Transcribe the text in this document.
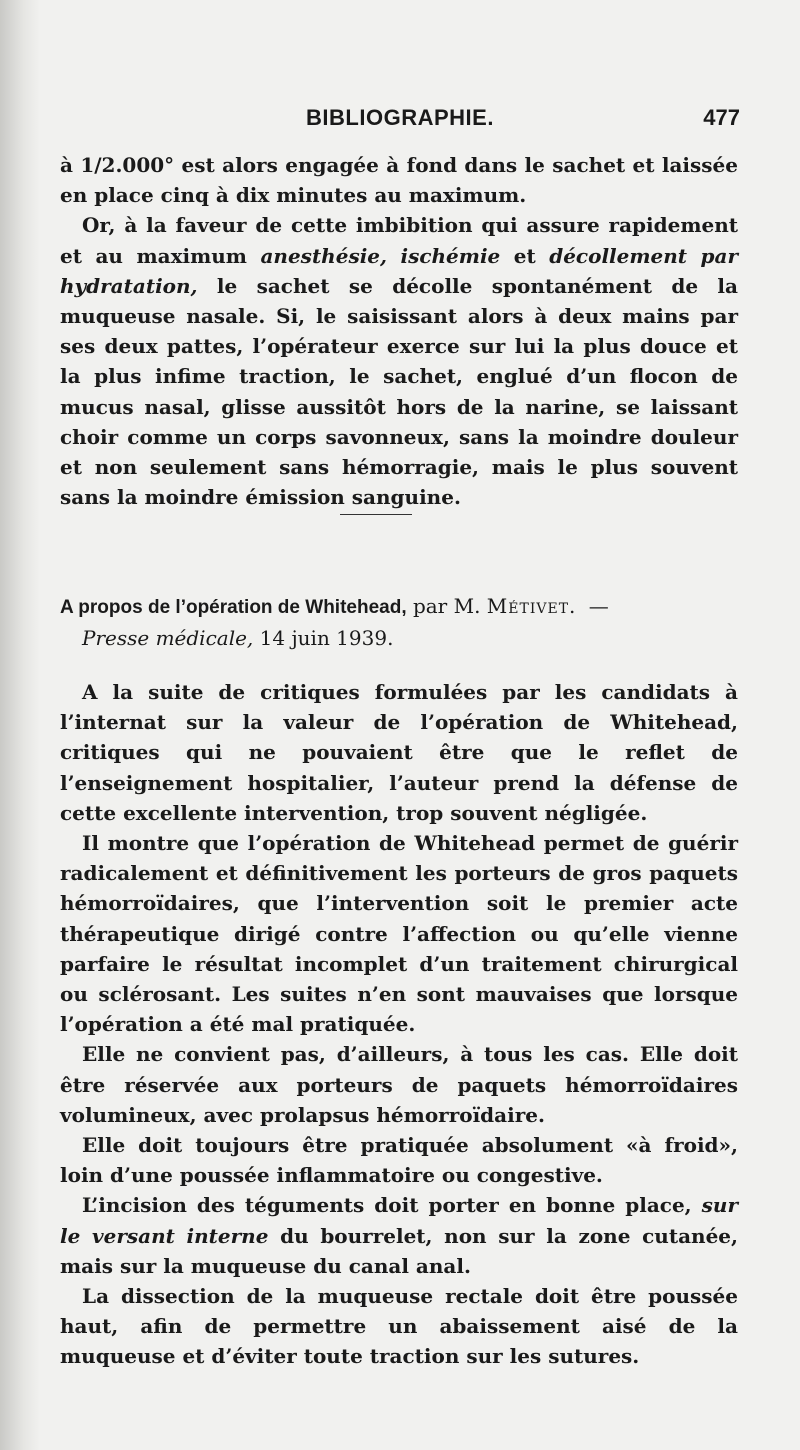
BIBLIOGRAPHIE.	477

à 1/2.000° est alors engagée à fond dans le sachet et laissée en place cinq à dix minutes au maximum.

Or, à la faveur de cette imbibition qui assure rapidement et au maximum anesthésie, ischémie et décollement par hydratation, le sachet se décolle spontanément de la muqueuse nasale. Si, le saisissant alors à deux mains par ses deux pattes, l’opérateur exerce sur lui la plus douce et la plus infime traction, le sachet, englué d’un flocon de mucus nasal, glisse aussitôt hors de la narine, se laissant choir comme un corps savonneux, sans la moindre douleur et non seulement sans hémorragie, mais le plus souvent sans la moindre émission sanguine.

A propos de l’opération de Whitehead, par M. Métivet. —
Presse médicale, 14 juin 1939.

A la suite de critiques formulées par les candidats à l’internat sur la valeur de l’opération de Whitehead, critiques qui ne pouvaient être que le reflet de l’enseignement hospitalier, l’auteur prend la défense de cette excellente intervention, trop souvent négligée.

Il montre que l’opération de Whitehead permet de guérir radicalement et définitivement les porteurs de gros paquets hémorroïdaires, que l’intervention soit le premier acte thérapeutique dirigé contre l’affection ou qu’elle vienne parfaire le résultat incomplet d’un traitement chirurgical ou sclérosant. Les suites n’en sont mauvaises que lorsque l’opération a été mal pratiquée.

Elle ne convient pas, d’ailleurs, à tous les cas. Elle doit être réservée aux porteurs de paquets hémorroïdaires volumineux, avec prolapsus hémorroïdaire.

Elle doit toujours être pratiquée absolument «à froid», loin d’une poussée inflammatoire ou congestive.

L’incision des téguments doit porter en bonne place, sur le versant interne du bourrelet, non sur la zone cutanée, mais sur la muqueuse du canal anal.

La dissection de la muqueuse rectale doit être poussée haut, afin de permettre un abaissement aisé de la muqueuse et d’éviter toute traction sur les sutures.
